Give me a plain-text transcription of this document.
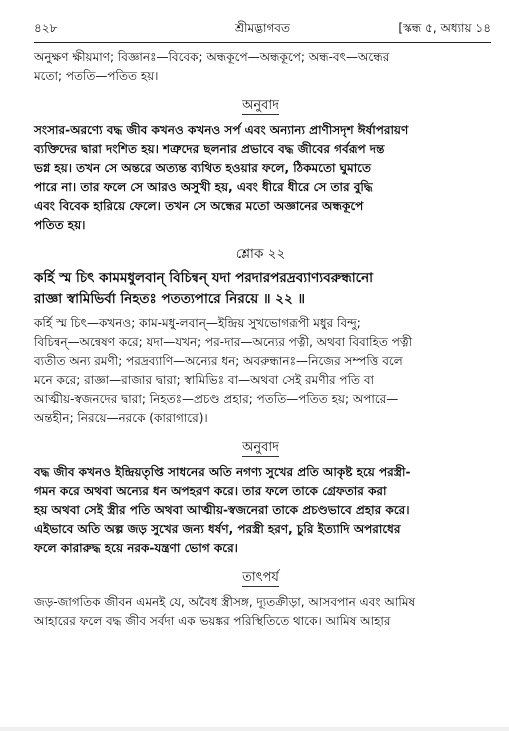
৪২৮	শ্রীমদ্ভাগবত	[স্কন্ধ ৫, অধ্যায় ১৪

অনুক্ষণ ক্ষীয়মাণ; বিজ্ঞানঃ—বিবেক; অন্ধকূপে—অন্ধকূপে; অন্ধ-বৎ—অন্ধের

মতো; পততি—পতিত হয়।

অনুবাদ

সংসার-অরণ্যে বদ্ধ জীব কখনও কখনও সর্প এবং অন্যান্য প্রাণীসদৃশ ঈর্ষাপরায়ণ

ব্যক্তিদের দ্বারা দংশিত হয়। শত্রুদের ছলনার প্রভাবে বদ্ধ জীবের গর্বরূপ দন্ত

ভগ্ন হয়। তখন সে অন্তরে অত্যন্ত ব্যথিত হওয়ার ফলে, ঠিকমতো ঘুমাতে

পারে না। তার ফলে সে আরও অসুখী হয়, এবং ধীরে ধীরে সে তার বুদ্ধি

এবং বিবেক হারিয়ে ফেলে। তখন সে অন্ধের মতো অজ্ঞানের অন্ধকূপে

পতিত হয়।

শ্লোক ২২

কর্হি স্ম চিৎ কামমধুলবান্ বিচিন্বন্ যদা পরদারপরদ্রব্যাণ্যবরুন্ধানো

রাজ্ঞা স্বামিভির্বা নিহতঃ পতত্যপারে নিরয়ে ॥ ২২ ॥

কর্হি স্ম চিৎ—কখনও; কাম-মধু-লবান্—ইন্দ্রিয় সুখভোগরূপী মধুর বিন্দু;

বিচিন্বন্—অন্বেষণ করে; যদা—যখন; পর-দার—অন্যের পত্নী, অথবা বিবাহিত পত্নী

ব্যতীত অন্য রমণী; পরদ্রব্যাণি—অন্যের ধন; অবরুন্ধানঃ—নিজের সম্পত্তি বলে

মনে করে; রাজ্ঞা—রাজার দ্বারা; স্বামিভিঃ বা—অথবা সেই রমণীর পতি বা

আত্মীয়-স্বজনদের দ্বারা; নিহতঃ—প্রচণ্ড প্রহার; পততি—পতিত হয়; অপারে—

অন্তহীন; নিরয়ে—নরকে (কারাগারে)।

অনুবাদ

বদ্ধ জীব কখনও ইন্দ্রিয়তৃপ্তি সাধনের অতি নগণ্য সুখের প্রতি আকৃষ্ট হয়ে পরস্ত্রী-

গমন করে অথবা অন্যের ধন অপহরণ করে। তার ফলে তাকে গ্রেফতার করা

হয় অথবা সেই স্ত্রীর পতি অথবা আত্মীয়-স্বজনেরা তাকে প্রচণ্ডভাবে প্রহার করে।

এইভাবে অতি অল্প জড় সুখের জন্য ধর্ষণ, পরস্ত্রী হরণ, চুরি ইত্যাদি অপরাধের

ফলে কারারুদ্ধ হয়ে নরক-যন্ত্রণা ভোগ করে।

তাৎপর্য

জড়-জাগতিক জীবন এমনই যে, অবৈধ স্ত্রীসঙ্গ, দ্যূতক্রীড়া, আসবপান এবং আমিষ

আহারের ফলে বদ্ধ জীব সর্বদা এক ভয়ঙ্কর পরিস্থিতিতে থাকে। আমিষ আহার
